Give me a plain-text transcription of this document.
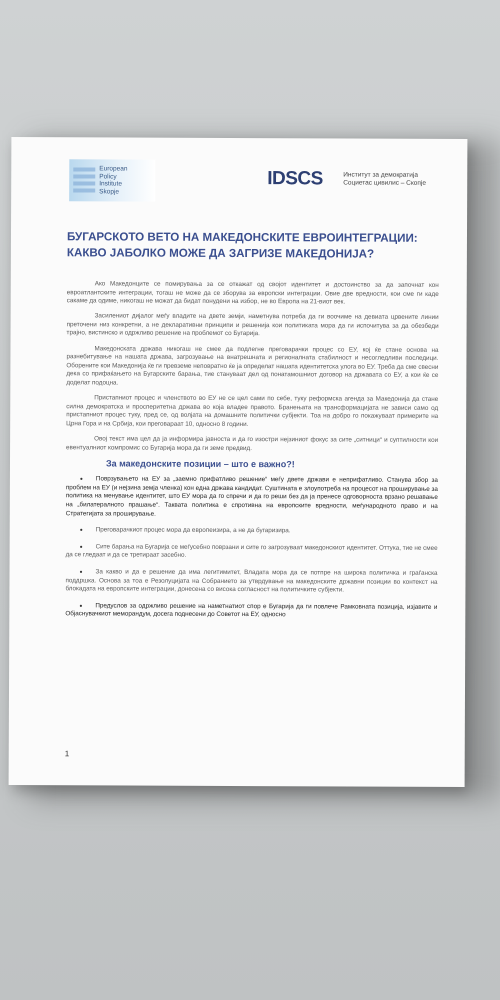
European
Policy
Institute
Skopje
IDSCS	Институт за демократија
Социетас цивилис – Скопје
БУГАРСКОТО ВЕТО НА МАКЕДОНСКИТЕ ЕВРОИНТЕГРАЦИИ: КАКВО ЈАБОЛКО МОЖЕ ДА ЗАГРИЗЕ МАКЕДОНИЈА?

Ако Македонците се помирувања за се откажат од својот идентитет и достоинство за да започнат кон евроатлантските интеграции, тогаш не може да се зборува за европски интеграции. Овие две вредности, кои сме ги каде сакаме да одиме, никогаш не можат да бидат понудени на избор, не во Европа на 21-виот век.

Засилениот дијалог меѓу владите на двете земји, наметнува потреба да ги воочиме на девиата црвените линии преточени низ конкретни, а не декларативни принципи и решенија кои политиката мора да ги испочитува за да обезбеди трајно, вистинско и одржливо решение на проблемот со Бугарија.

Македонската држава никогаш не смее да подлегне преговарачки процес со ЕУ, кој ќе стане основа на разнебитување на нашата држава, загрозување на внатрешната и регионалната стабилност и несогледливи последици. Оборените кои Македонија ќе ги превземе неповратно ќе ја определат нашата идентитетска улога во ЕУ. Треба да сме свесни дека со прифаќањето на Бугарските барања, тие стануваат дел од понатамошниот договор на државата со ЕУ, а кои ќе се доделат подоцна.

Пристапниот процес и членството во ЕУ не се цел сами по себе, туку реформска агенда за Македонија да стане силна демократска и просперитетна држава во која владее правото. Бранењата на трансформацијата не зависи само од пристапниот процес туку, пред се, од волјата на домашните политички субјекти. Тоа на добро го покажуваат примерите на Црна Гора и на Србија, кои преговараат 10, односно 8 години.

Овој текст има цел да ја информира јавноста и да го изостри нејзиниот фокус за сите „ситници“ и суптилности кои евентуалниот компромис со Бугарија мора да ги земе предвид.

За македонските позиции – што е важно?!
● Поврзувањето на ЕУ за „заемно прифатливо решение“ меѓу двете држави е неприфатливо. Станува збор за проблем на ЕУ (и нејзина земја членка) кон една држава кандидат. Суштината е злоупотреба на процесот на проширување за политика на менување идентитет, што ЕУ мора да го спречи и да го реши без да ја пренесе одговорноста врзано решавање на „билатералното прашање“. Таквата политика е спротивна на европските вредности, меѓународното право и на Стратегијата за проширување.
● Преговарачкиот процес мора да европеизира, а не да бугаризира.
● Сите барања на Бугарија се меѓусебно поврзани и сите го загрозуваат македонскиот идентитет. Оттука, тие не смее да се гледаат и да се третираат засебно.
● За какво и да е решение да има легитимитет, Владата мора да се потпре на широка политичка и граѓанска поддршка. Основа за тоа е Резолуцијата на Собранието за утврдување на македонските државни позиции во контекст на блокадата на европските интеграции, донесена со висока согласност на политичките субјекти.
● Предуслов за одржливо решение на наметнатиот спор е Бугарија да ги повлече Рамковната позиција, изјавите и Објаснувачкиот меморандум, досега поднесени до Советот на ЕУ, односно
1
